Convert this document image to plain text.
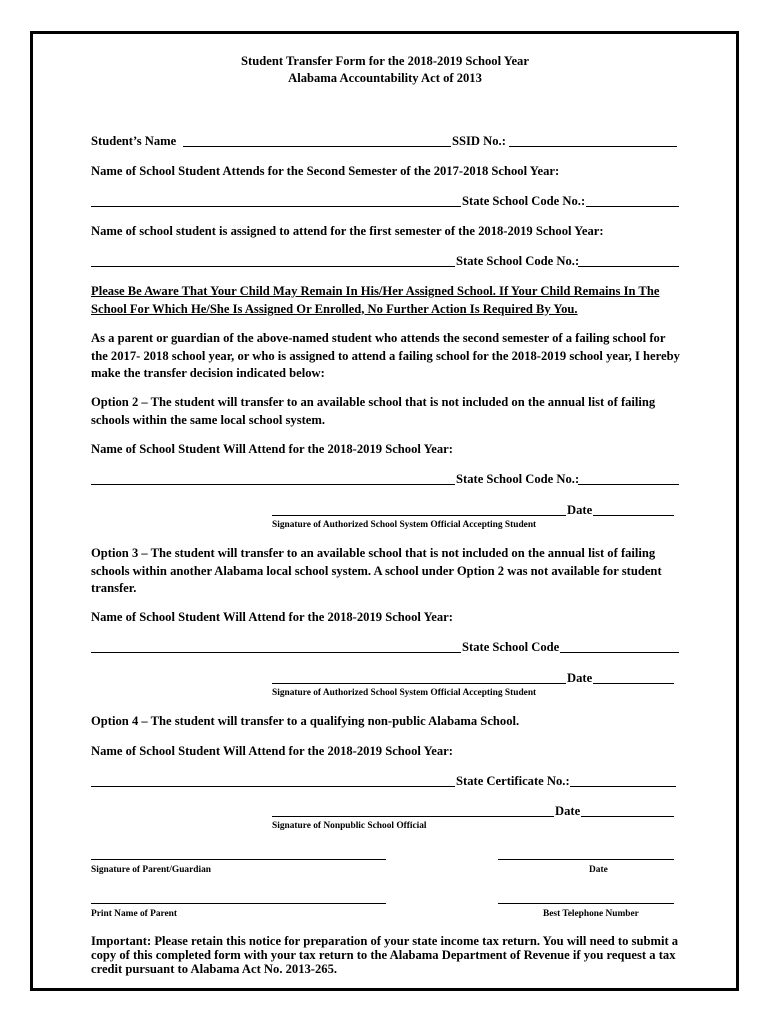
Student Transfer Form for the 2018-2019 School Year
Alabama Accountability Act of 2013
Student’s Name	SSID No.:
Name of School Student Attends for the Second Semester of the 2017-2018 School Year:
State School Code No.:
Name of school student is assigned to attend for the first semester of the 2018-2019 School Year:
State School Code No.:
Please Be Aware That Your Child May Remain In His/Her Assigned School. If Your Child Remains In The School For Which He/She Is Assigned Or Enrolled, No Further Action Is Required By You.
As a parent or guardian of the above-named student who attends the second semester of a failing school for the 2017- 2018 school year, or who is assigned to attend a failing school for the 2018-2019 school year, I hereby make the transfer decision indicated below:
Option 2 – The student will transfer to an available school that is not included on the annual list of failing schools within the same local school system.
Name of School Student Will Attend for the 2018-2019 School Year:
State School Code No.:
Date
Signature of Authorized School System Official Accepting Student
Option 3 – The student will transfer to an available school that is not included on the annual list of failing schools within another Alabama local school system. A school under Option 2 was not available for student transfer.
Name of School Student Will Attend for the 2018-2019 School Year:
State School Code
Date
Signature of Authorized School System Official Accepting Student
Option 4 – The student will transfer to a qualifying non-public Alabama School.
Name of School Student Will Attend for the 2018-2019 School Year:
State Certificate No.:
Date
Signature of Nonpublic School Official
Signature of Parent/Guardian	Date
Print Name of Parent	Best Telephone Number
Important: Please retain this notice for preparation of your state income tax return. You will need to submit a copy of this completed form with your tax return to the Alabama Department of Revenue if you request a tax credit pursuant to Alabama Act No. 2013-265.
